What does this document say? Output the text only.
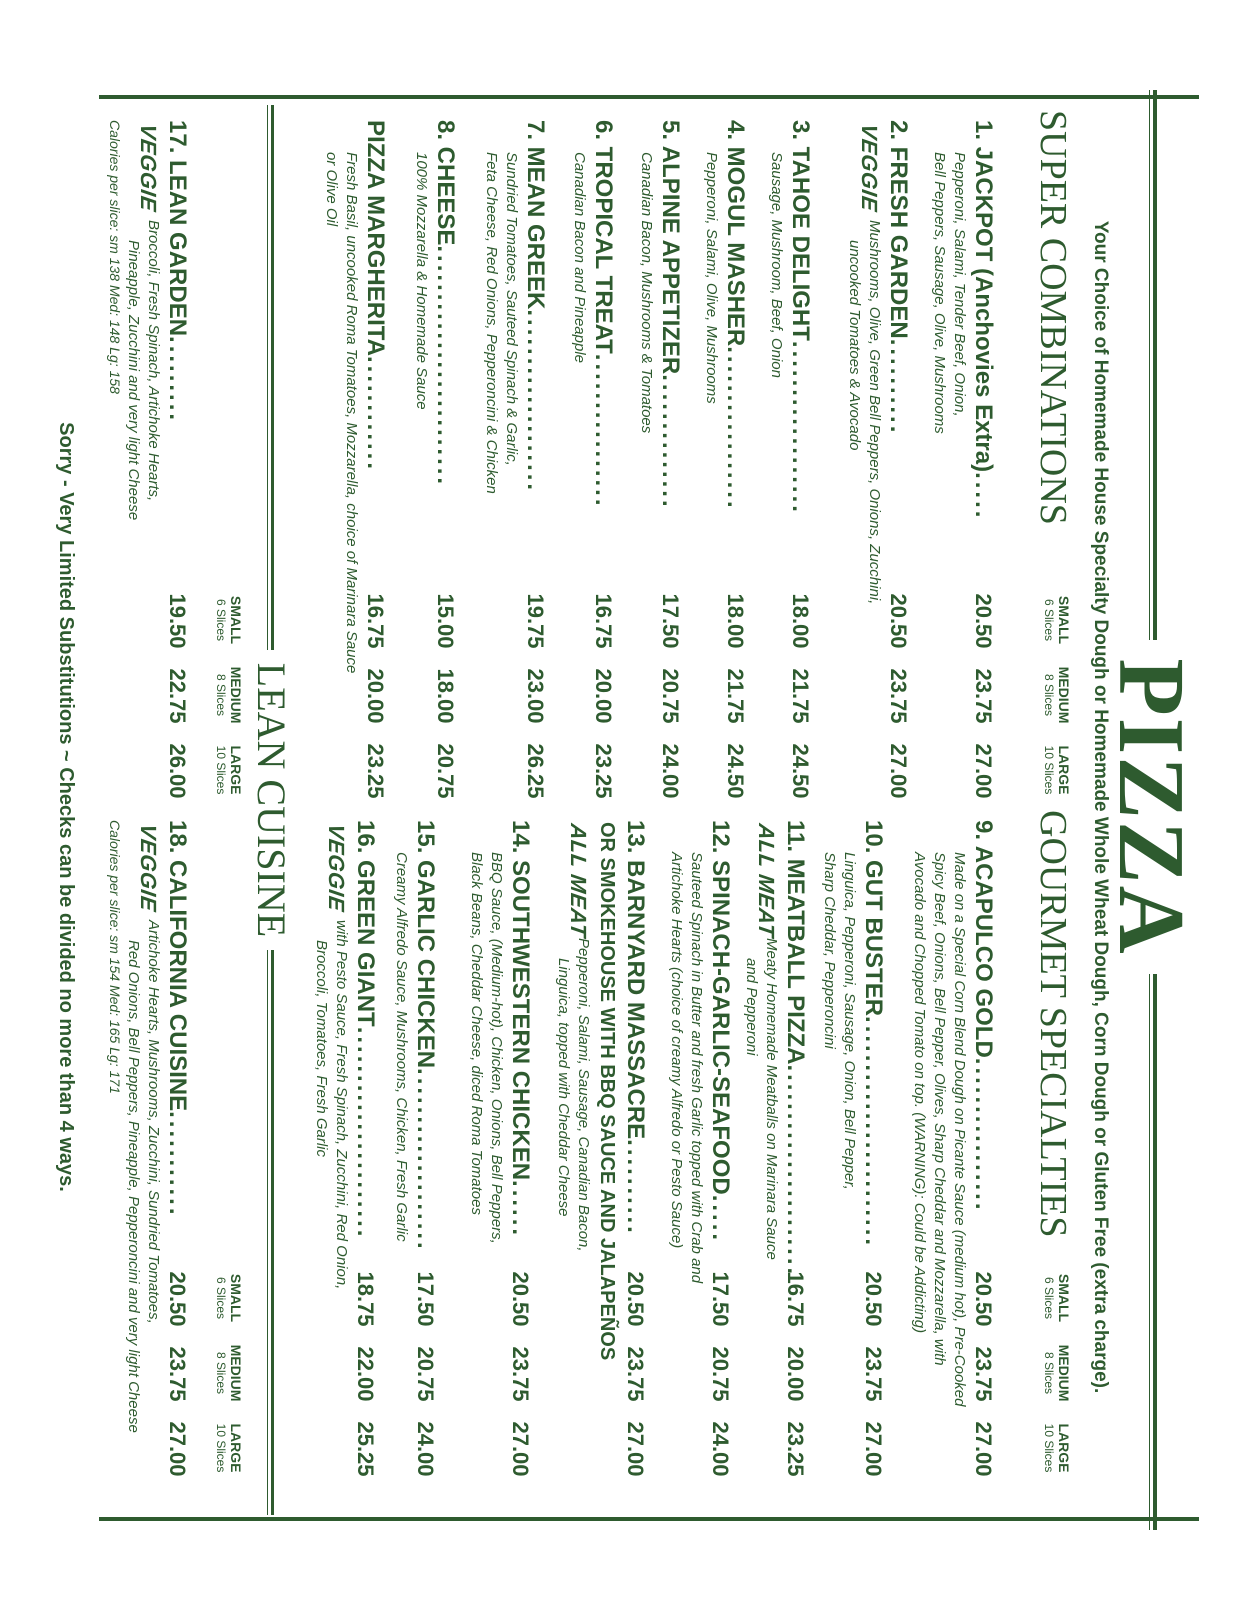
PIZZA
Your Choice of Homemade House Specialty Dough or Homemade Whole Wheat Dough, Corn Dough or Gluten Free (extra charge).
SUPER COMBINATIONS
SMALL
6 Slices
MEDIUM
8 Slices
LARGE
10 Slices
1. JACKPOT (Anchovies Extra).....
Pepperoni, Salami, Tender Beef, Onion,
Bell Peppers, Sausage, Olive, Mushrooms
20.50
23.75
27.00
2. FRESH GARDEN..........
VEGGIE
Mushrooms, Olive, Green Bell Peppers, Onions, Zucchini,
uncooked Tomatoes & Avocado
20.50
23.75
27.00
3. TAHOE DELIGHT..................
Sausage, Mushroom, Beef, Onion
18.00
21.75
24.50
4. MOGUL MASHER.................
Pepperoni, Salami, Olive, Mushrooms
18.00
21.75
24.50
5. ALPINE APPETIZER..............
Canadian Bacon, Mushrooms & Tomatoes
17.50
20.75
24.00
6. TROPICAL TREAT................
Canadian Bacon and Pineapple
16.75
20.00
23.25
7. MEAN GREEK...................
Sundried Tomatoes, Sauteed Spinach & Garlic,
Feta Cheese, Red Onions, Pepperoncini & Chicken
19.75
23.00
26.25
8. CHEESE.........................
100% Mozzarella & Homemade Sauce
15.00
18.00
20.75
PIZZA MARGHERITA............
Fresh Basil, uncooked Roma Tomatoes, Mozzarella, choice of Marinara Sauce
or Olive Oil
16.75
20.00
23.25
GOURMET SPECIALTIES
SMALL
6 Slices
MEDIUM
8 Slices
LARGE
10 Slices
9. ACAPULCO GOLD................
Made on a Special Corn Blend Dough on Picante Sauce (medium hot), Pre-Cooked
Spicy Beef, Onions, Bell Pepper, Olives, Sharp Cheddar and Mozzarella, with
Avocado and Chopped Tomato on top. (WARNING): Could be Addicting) 20.50
23.75
27.00
10. GUT BUSTER........................
Linguica, Pepperoni, Sausage, Onion, Bell Pepper,
Sharp Cheddar, Pepperoncini
20.50
23.75
27.00
11. MEATBALL PIZZA......................
ALL MEAT
Meaty Homemade Meatballs on Marinara Sauce
and Pepperoni
16.75
20.00
23.25
12. SPINACH-GARLIC-SEAFOOD.....
Sauteed Spinach in Butter and fresh Garlic topped with Crab and
Artichoke Hearts (choice of creamy Alfredo or Pesto Sauce)
17.50
20.75
24.00
13. BARNYARD MASSACRE..........
OR SMOKEHOUSE WITH BBQ SAUCE AND JALAPEÑOS
ALL MEAT
Pepperoni, Salami, Sausage, Canadian Bacon,
Linguica, topped with Cheddar Cheese
20.50
23.75
27.00
14. SOUTHWESTERN CHICKEN......
BBQ Sauce, (Medium-hot), Chicken, Onions, Bell Peppers,
Black Beans, Cheddar Cheese, diced Roma Tomatoes
20.50
23.75
27.00
15. GARLIC CHICKEN...................
Creamy Alfredo Sauce, Mushrooms, Chicken, Fresh Garlic
17.50
20.75
24.00
16. GREEN GIANT......................
VEGGIE
with Pesto Sauce, Fresh Spinach, Zucchini, Red Onion,
Broccoli, Tomatoes, Fresh Garlic
18.75
22.00
25.25
LEAN CUISINE
SMALL
6 Slices
MEDIUM
8 Slices
LARGE
10 Slices
SMALL
6 Slices
MEDIUM
8 Slices
LARGE
10 Slices
17. LEAN GARDEN.........
VEGGIE
Broccoli, Fresh Spinach, Artichoke Hearts,
Pineapple, Zucchini and very light Cheese
Calories per slice: sm 138 Med: 148 Lg: 158
19.50
22.75
26.00
18. CALIFORNIA CUISINE...........
VEGGIE
Artichoke Hearts, Mushrooms, Zucchini, Sundried Tomatoes,
Red Onions, Bell Peppers, Pineapple, Pepperoncini and very light Cheese
Calories per slice: sm 154 Med: 165 Lg: 171
20.50
23.75
27.00
Sorry - Very Limited Substitutions ~ Checks can be divided no more than 4 ways.
